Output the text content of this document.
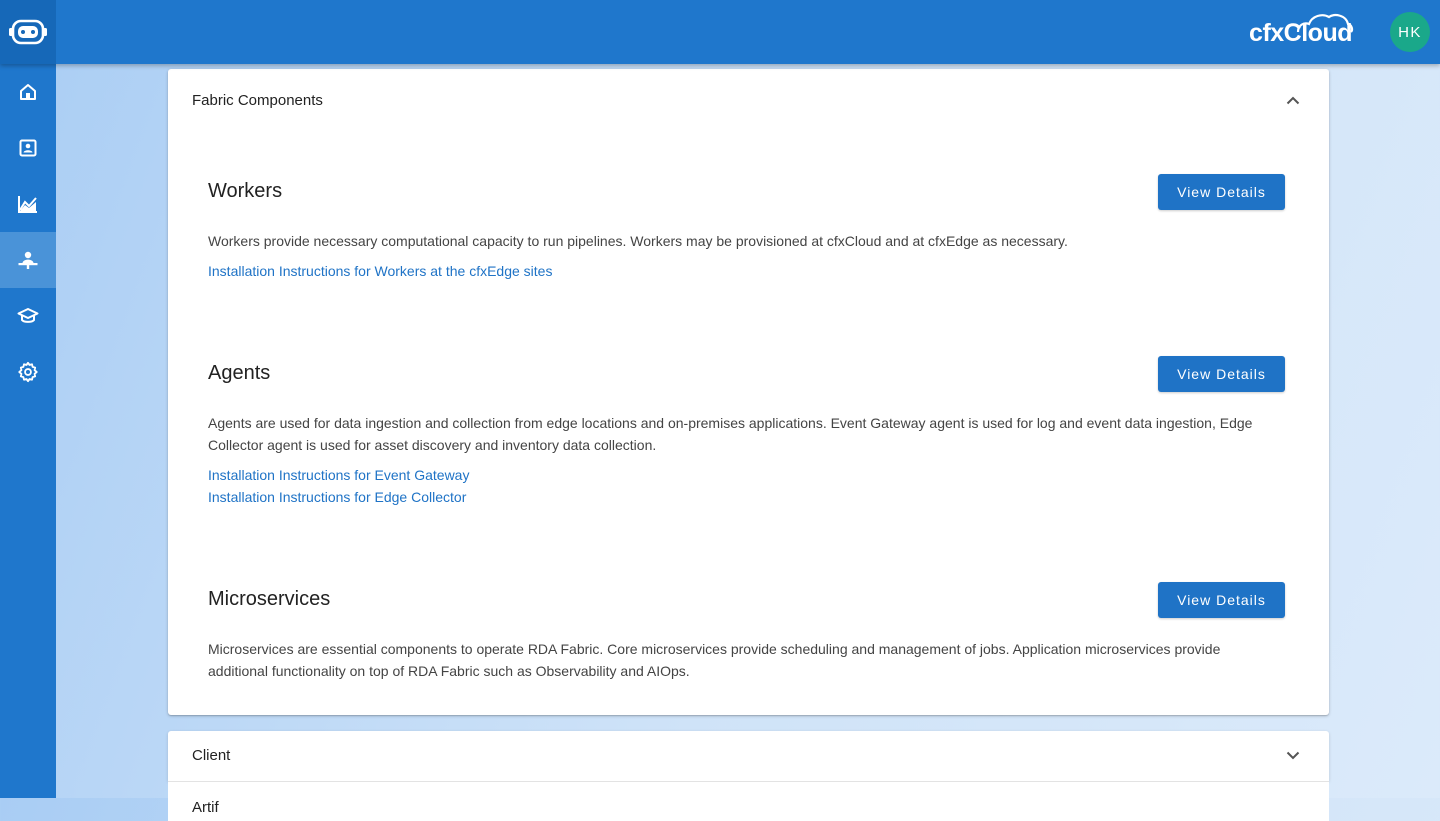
cfxCloud	HK
Fabric Components
Workers	View Details
Workers provide necessary computational capacity to run pipelines. Workers may be provisioned at cfxCloud and at cfxEdge as necessary.
Installation Instructions for Workers at the cfxEdge sites
Agents	View Details
Agents are used for data ingestion and collection from edge locations and on-premises applications. Event Gateway agent is used for log and event data ingestion, Edge
Collector agent is used for asset discovery and inventory data collection.
Installation Instructions for Event Gateway
Installation Instructions for Edge Collector
Microservices	View Details
Microservices are essential components to operate RDA Fabric. Core microservices provide scheduling and management of jobs. Application microservices provide
additional functionality on top of RDA Fabric such as Observability and AIOps.
Client
Artif
